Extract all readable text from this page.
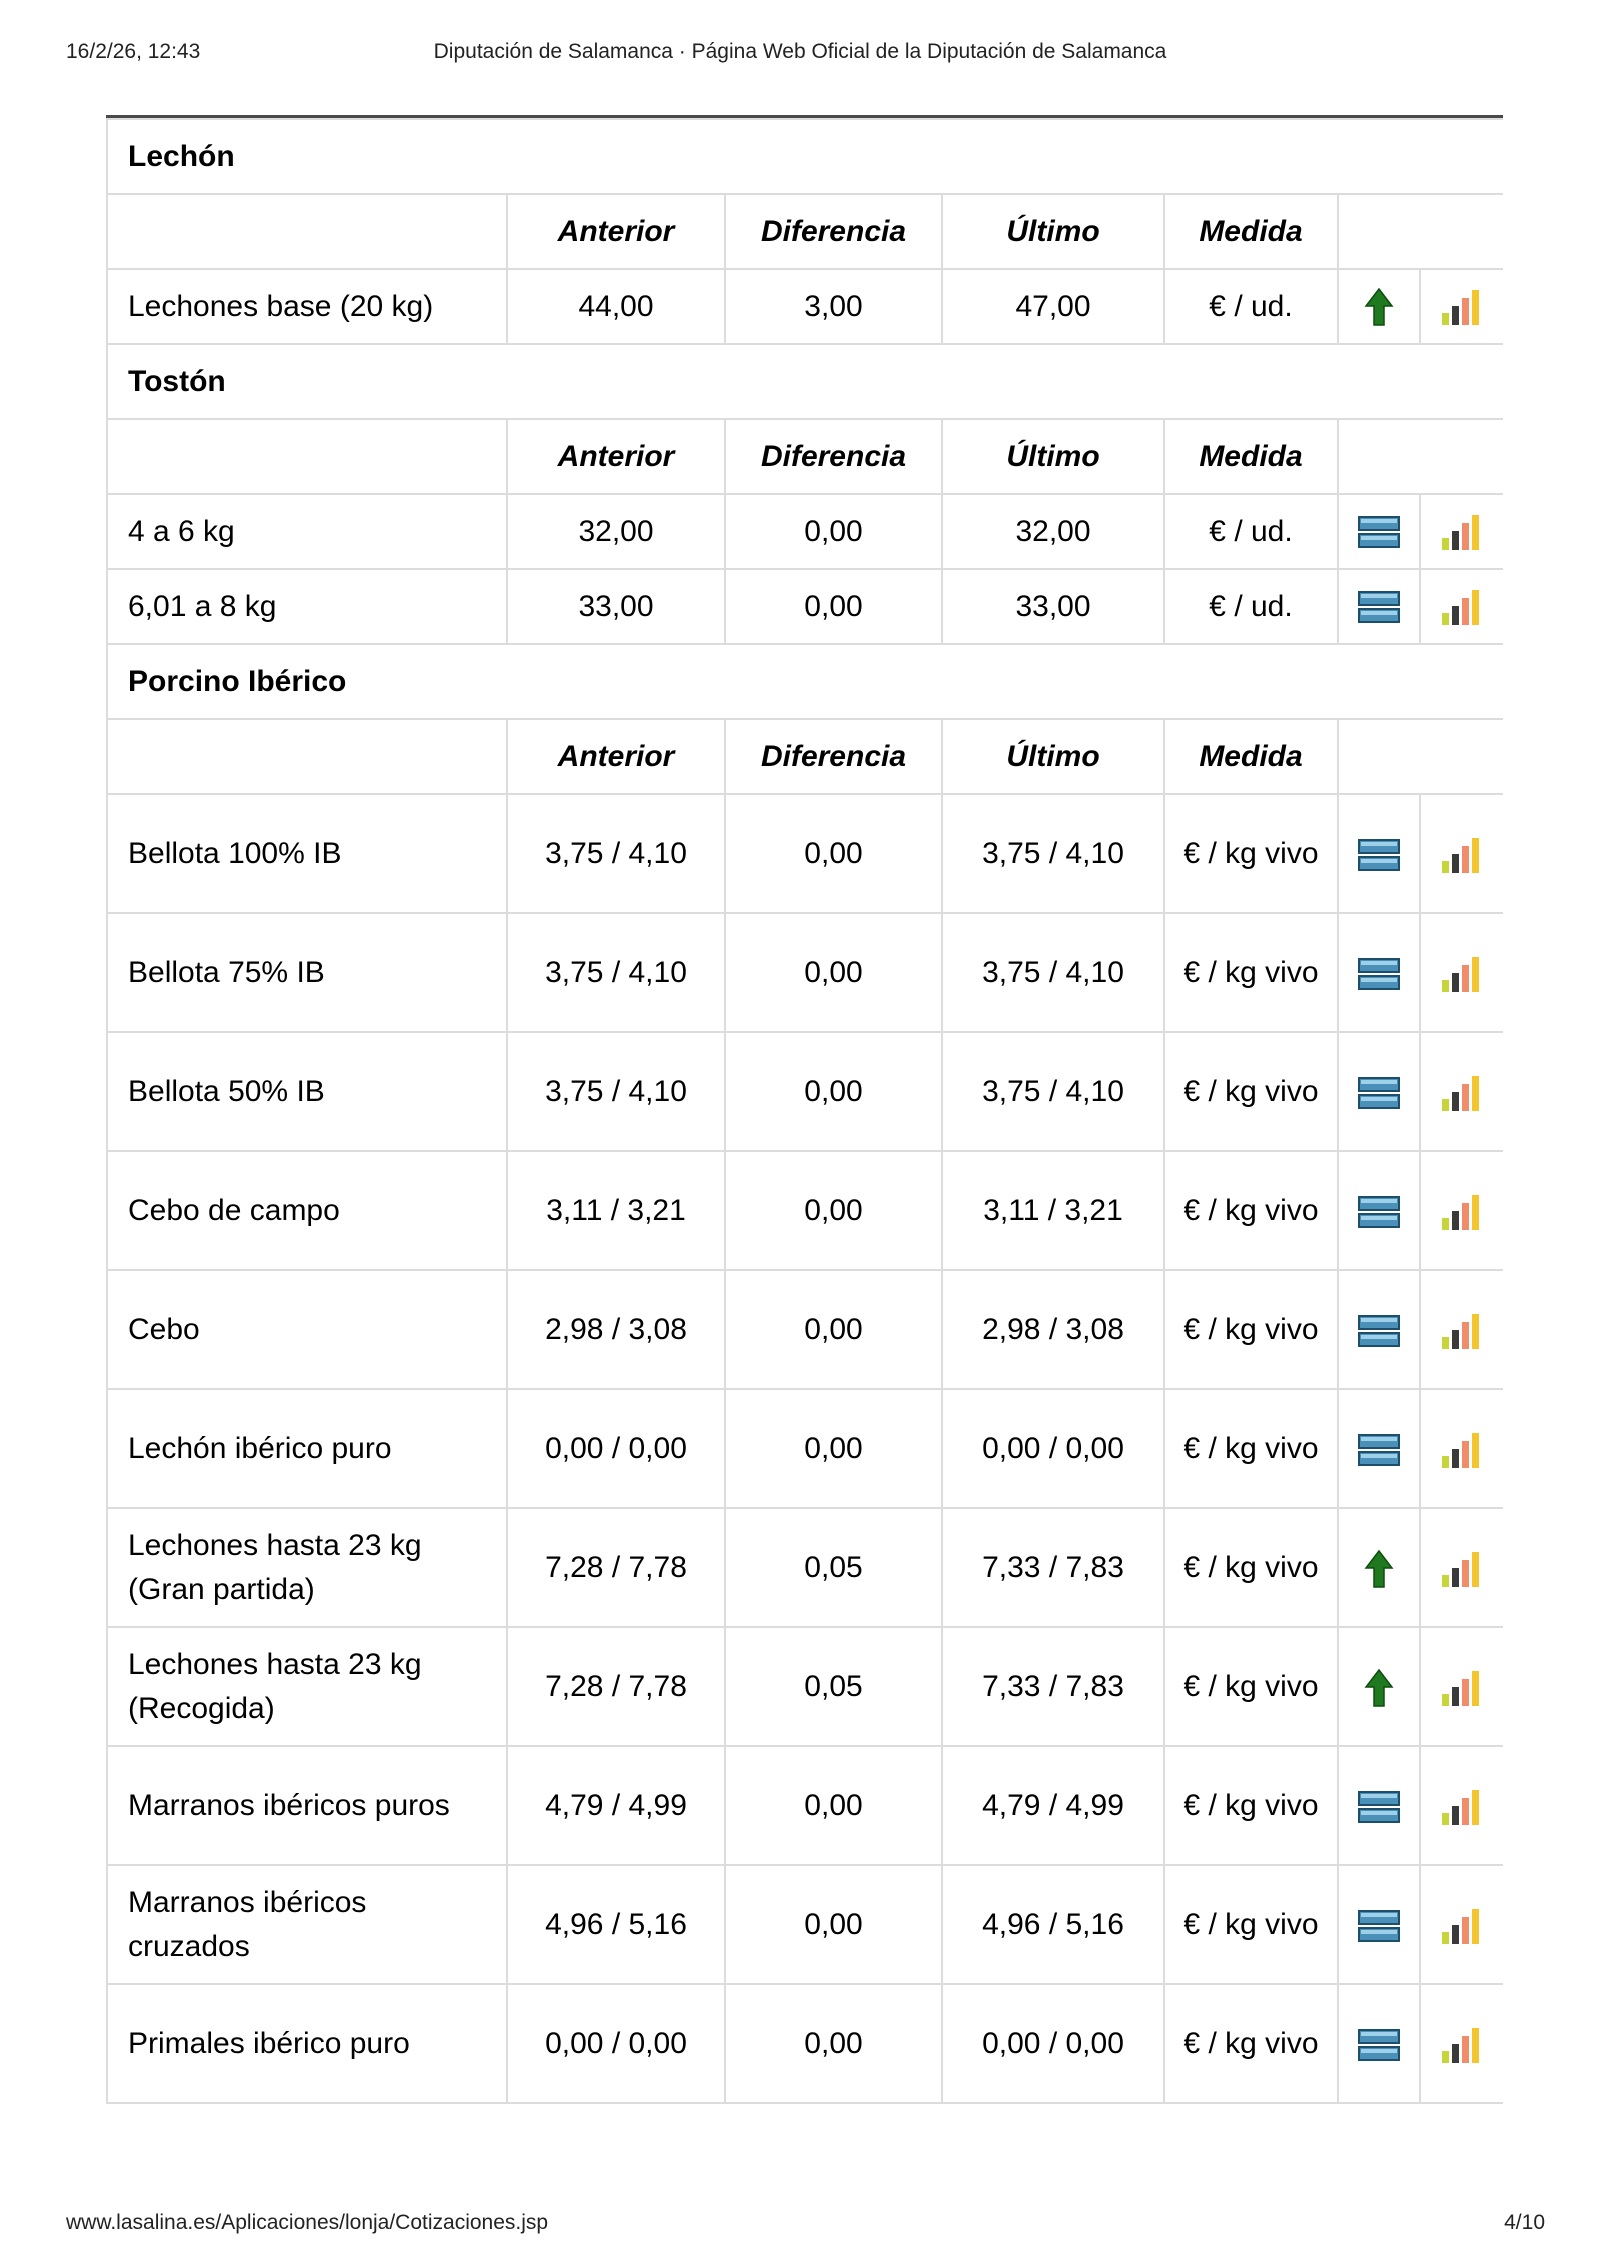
16/2/26, 12:43	Diputación de Salamanca · Página Web Oficial de la Diputación de Salamanca
Lechón						
	Anterior	Diferencia	Último	Medida		
Lechones base (20 kg)	44,00	3,00	47,00	€ / ud.		
Tostón						
	Anterior	Diferencia	Último	Medida		
4 a 6 kg	32,00	0,00	32,00	€ / ud.		
6,01 a 8 kg	33,00	0,00	33,00	€ / ud.		
Porcino Ibérico						
	Anterior	Diferencia	Último	Medida		
Bellota 100% IB	3,75 / 4,10	0,00	3,75 / 4,10	€ / kg vivo		
Bellota 75% IB	3,75 / 4,10	0,00	3,75 / 4,10	€ / kg vivo		
Bellota 50% IB	3,75 / 4,10	0,00	3,75 / 4,10	€ / kg vivo		
Cebo de campo	3,11 / 3,21	0,00	3,11 / 3,21	€ / kg vivo		
Cebo	2,98 / 3,08	0,00	2,98 / 3,08	€ / kg vivo		
Lechón ibérico puro	0,00 / 0,00	0,00	0,00 / 0,00	€ / kg vivo		
Lechones hasta 23 kg (Gran partida)	7,28 / 7,78	0,05	7,33 / 7,83	€ / kg vivo		
Lechones hasta 23 kg (Recogida)	7,28 / 7,78	0,05	7,33 / 7,83	€ / kg vivo		
Marranos ibéricos puros	4,79 / 4,99	0,00	4,79 / 4,99	€ / kg vivo		
Marranos ibéricos cruzados	4,96 / 5,16	0,00	4,96 / 5,16	€ / kg vivo		
Primales ibérico puro	0,00 / 0,00	0,00	0,00 / 0,00	€ / kg vivo		
www.lasalina.es/Aplicaciones/lonja/Cotizaciones.jsp	4/10
